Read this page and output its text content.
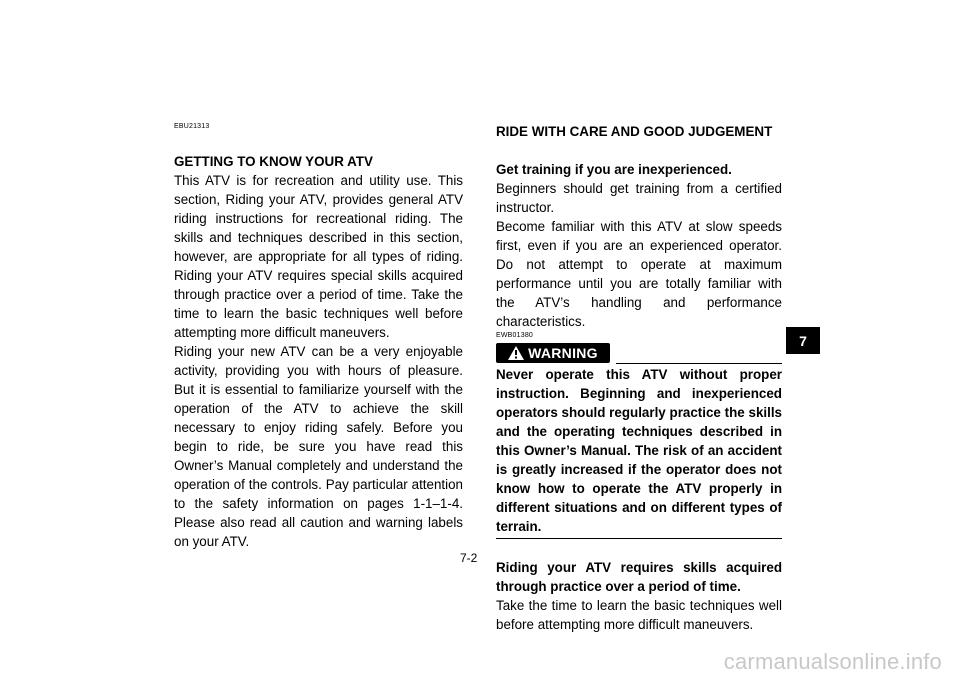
EBU21313
GETTING TO KNOW YOUR ATV

This ATV is for recreation and utility use. This section, Riding your ATV, provides general ATV riding instructions for recreational riding. The skills and techniques described in this section, however, are appropriate for all types of riding. Riding your ATV requires special skills acquired through practice over a period of time. Take the time to learn the basic techniques well before attempting more difficult maneuvers.

Riding your new ATV can be a very enjoyable activity, providing you with hours of pleasure. But it is essential to familiarize yourself with the operation of the ATV to achieve the skill necessary to enjoy riding safely. Before you begin to ride, be sure you have read this Owner’s Manual completely and understand the operation of the controls. Pay particular attention to the safety information on pages 1-1–1-4. Please also read all caution and warning labels on your ATV.

RIDE WITH CARE AND GOOD JUDGEMENT

Get training if you are inexperienced.

Beginners should get training from a certified instructor.

Become familiar with this ATV at slow speeds first, even if you are an experienced operator. Do not attempt to operate at maximum performance until you are totally familiar with the ATV’s handling and performance characteristics.

EWB01380
WARNING

Never operate this ATV without proper instruction. Beginning and inexperienced operators should regularly practice the skills and the operating techniques described in this Owner’s Manual. The risk of an accident is greatly increased if the operator does not know how to operate the ATV properly in different situations and on different types of terrain.

Riding your ATV requires skills acquired through practice over a period of time.

Take the time to learn the basic techniques well before attempting more difficult maneuvers.

7-2
7
carmanualsonline.info
